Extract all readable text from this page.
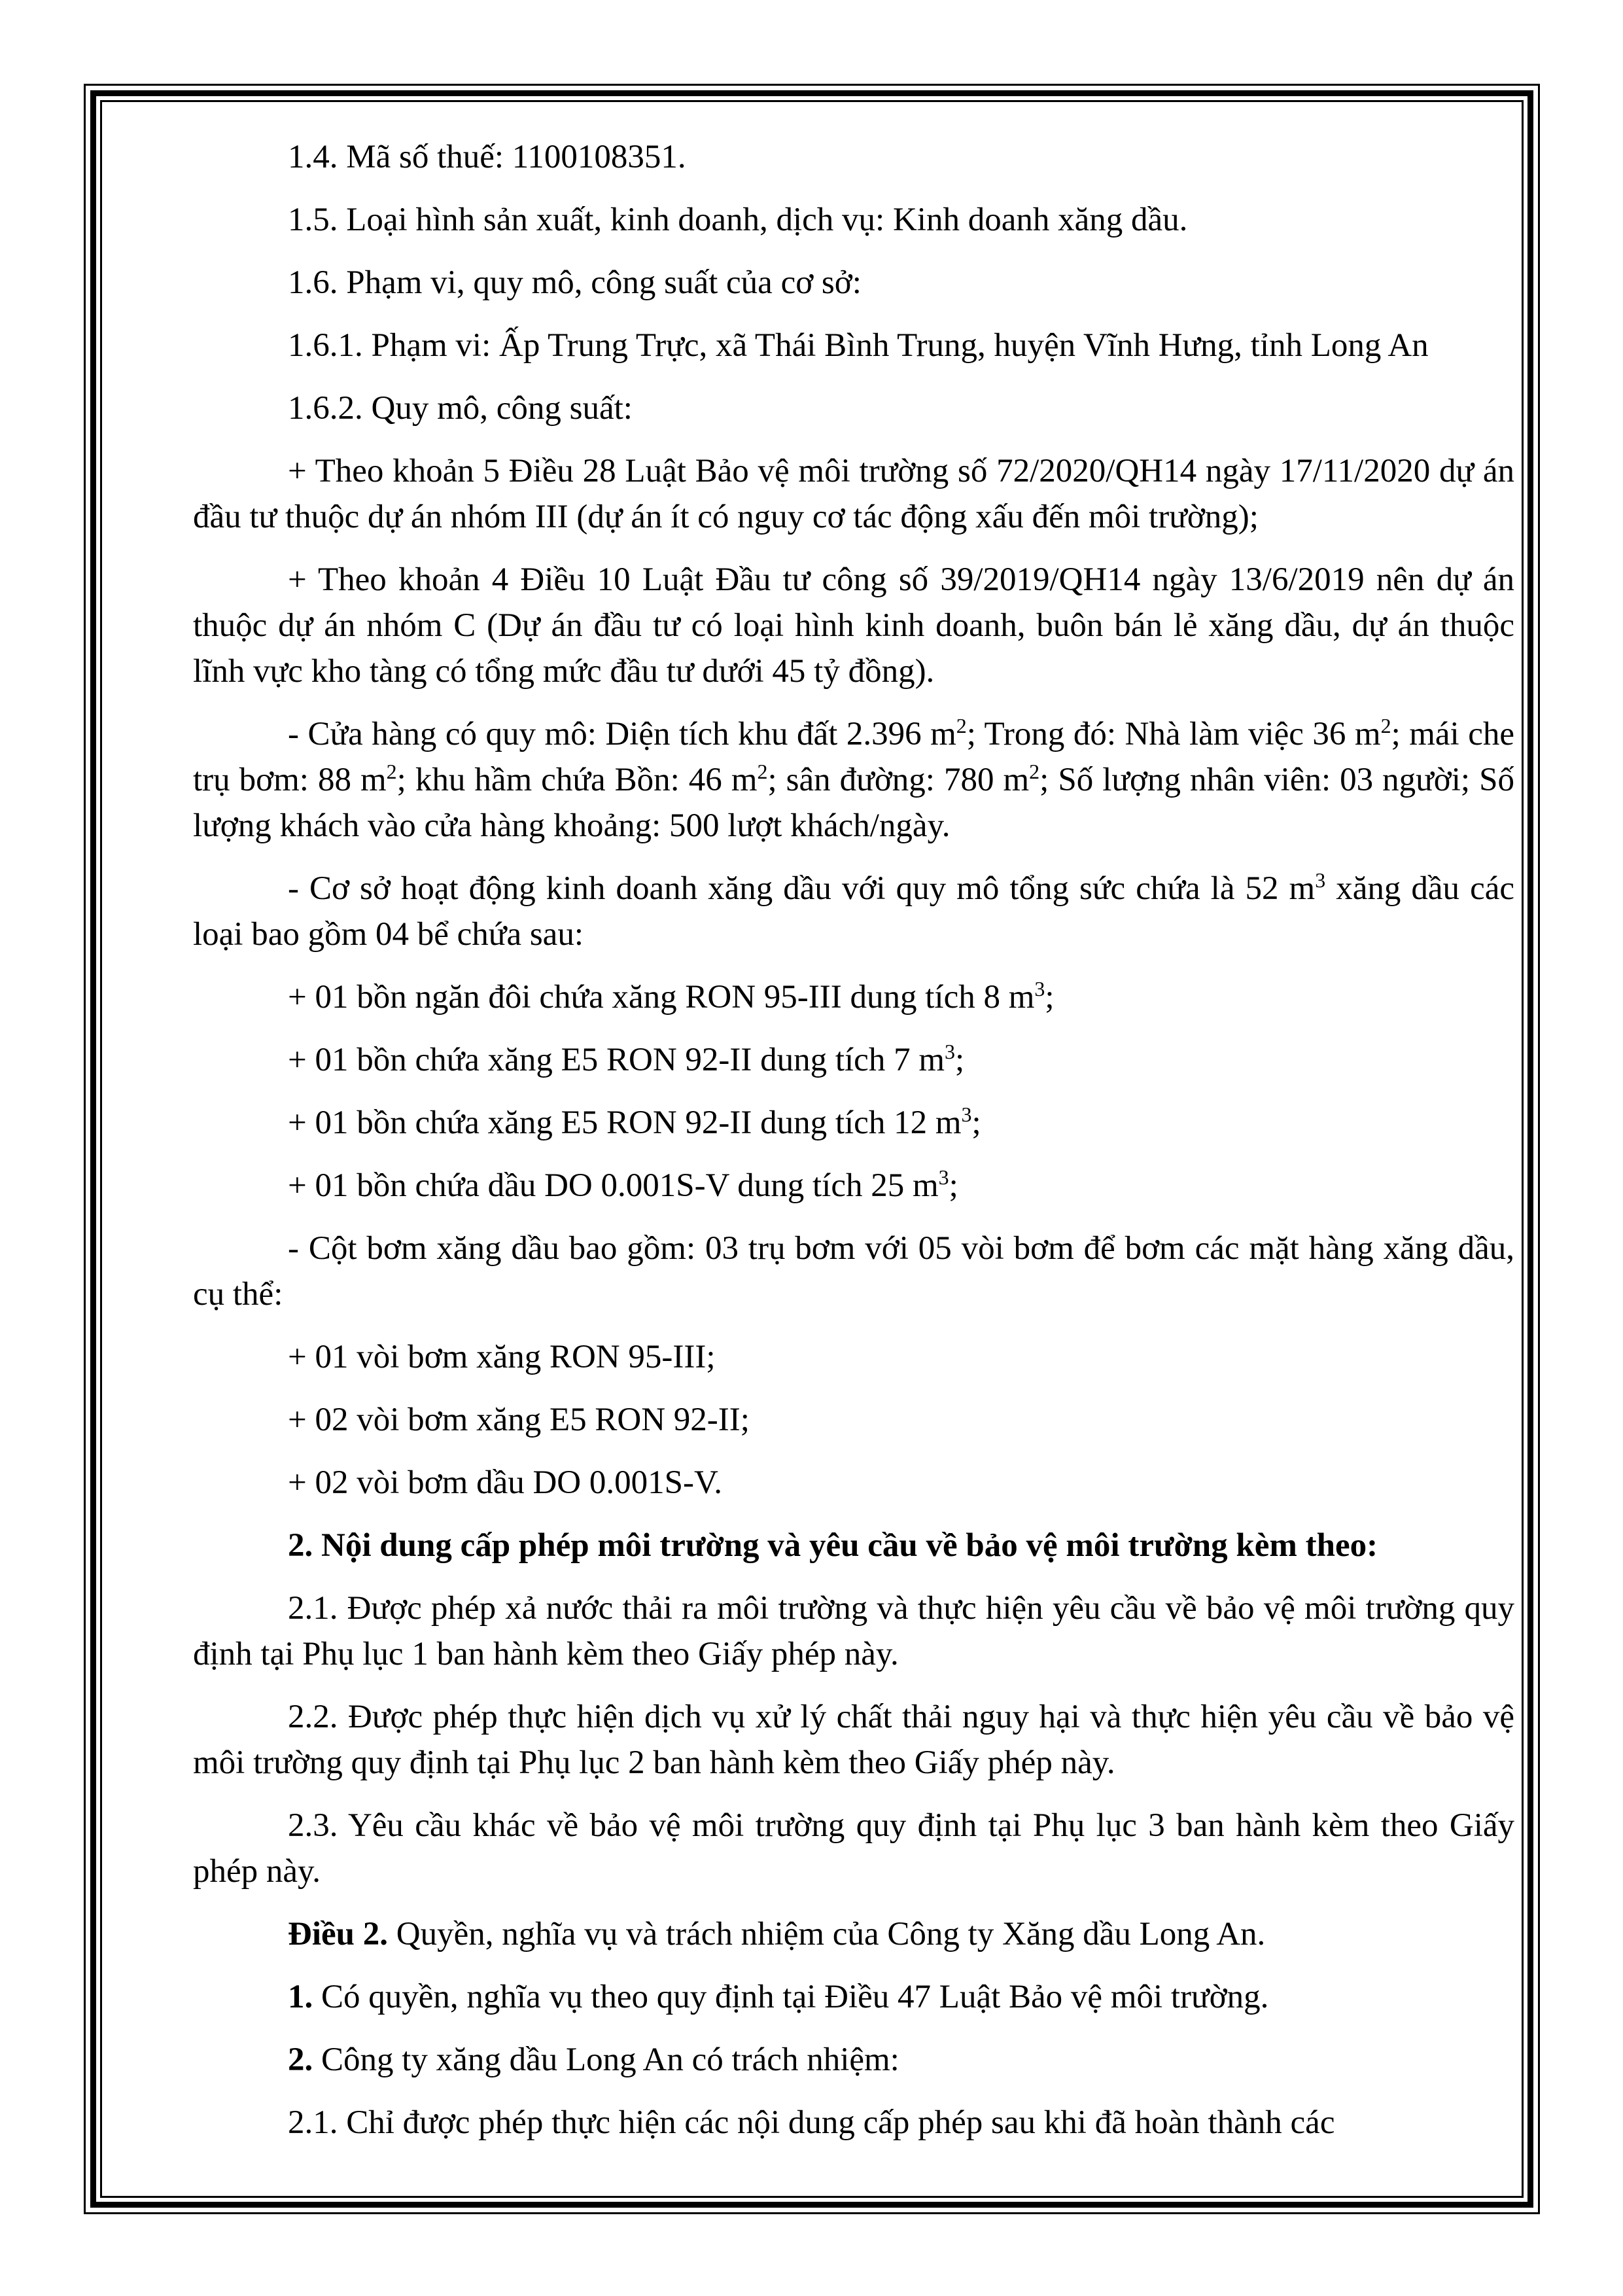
1.4. Mã số thuế: 1100108351.

1.5. Loại hình sản xuất, kinh doanh, dịch vụ: Kinh doanh xăng dầu.

1.6. Phạm vi, quy mô, công suất của cơ sở:

1.6.1. Phạm vi: Ấp Trung Trực, xã Thái Bình Trung, huyện Vĩnh Hưng, tỉnh Long An

1.6.2. Quy mô, công suất:

+ Theo khoản 5 Điều 28 Luật Bảo vệ môi trường số 72/2020/QH14 ngày 17/11/2020 dự án đầu tư thuộc dự án nhóm III (dự án ít có nguy cơ tác động xấu đến môi trường);

+ Theo khoản 4 Điều 10 Luật Đầu tư công số 39/2019/QH14 ngày 13/6/2019 nên dự án thuộc dự án nhóm C (Dự án đầu tư có loại hình kinh doanh, buôn bán lẻ xăng dầu, dự án thuộc lĩnh vực kho tàng có tổng mức đầu tư dưới 45 tỷ đồng).

- Cửa hàng có quy mô: Diện tích khu đất 2.396 $m^2$; Trong đó: Nhà làm việc 36 $m^2$; mái che trụ bơm: 88 $m^2$; khu hầm chứa Bồn: 46 $m^2$; sân đường: 780 $m^2$; Số lượng nhân viên: 03 người; Số lượng khách vào cửa hàng khoảng: 500 lượt khách/ngày.

- Cơ sở hoạt động kinh doanh xăng dầu với quy mô tổng sức chứa là 52 $m^3$ xăng dầu các loại bao gồm 04 bể chứa sau:

+ 01 bồn ngăn đôi chứa xăng RON 95-III dung tích 8 $m^3$;

+ 01 bồn chứa xăng E5 RON 92-II dung tích 7 $m^3$;

+ 01 bồn chứa xăng E5 RON 92-II dung tích 12 $m^3$;

+ 01 bồn chứa dầu DO 0.001S-V dung tích 25 $m^3$;

- Cột bơm xăng dầu bao gồm: 03 trụ bơm với 05 vòi bơm để bơm các mặt hàng xăng dầu, cụ thể:

+ 01 vòi bơm xăng RON 95-III;

+ 02 vòi bơm xăng E5 RON 92-II;

+ 02 vòi bơm dầu DO 0.001S-V.

2. Nội dung cấp phép môi trường và yêu cầu về bảo vệ môi trường kèm theo:

2.1. Được phép xả nước thải ra môi trường và thực hiện yêu cầu về bảo vệ môi trường quy định tại Phụ lục 1 ban hành kèm theo Giấy phép này.

2.2. Được phép thực hiện dịch vụ xử lý chất thải nguy hại và thực hiện yêu cầu về bảo vệ môi trường quy định tại Phụ lục 2 ban hành kèm theo Giấy phép này.

2.3. Yêu cầu khác về bảo vệ môi trường quy định tại Phụ lục 3 ban hành kèm theo Giấy phép này.

Điều 2. Quyền, nghĩa vụ và trách nhiệm của Công ty Xăng dầu Long An.

1. Có quyền, nghĩa vụ theo quy định tại Điều 47 Luật Bảo vệ môi trường.

2. Công ty xăng dầu Long An có trách nhiệm:

2.1. Chỉ được phép thực hiện các nội dung cấp phép sau khi đã hoàn thành các
